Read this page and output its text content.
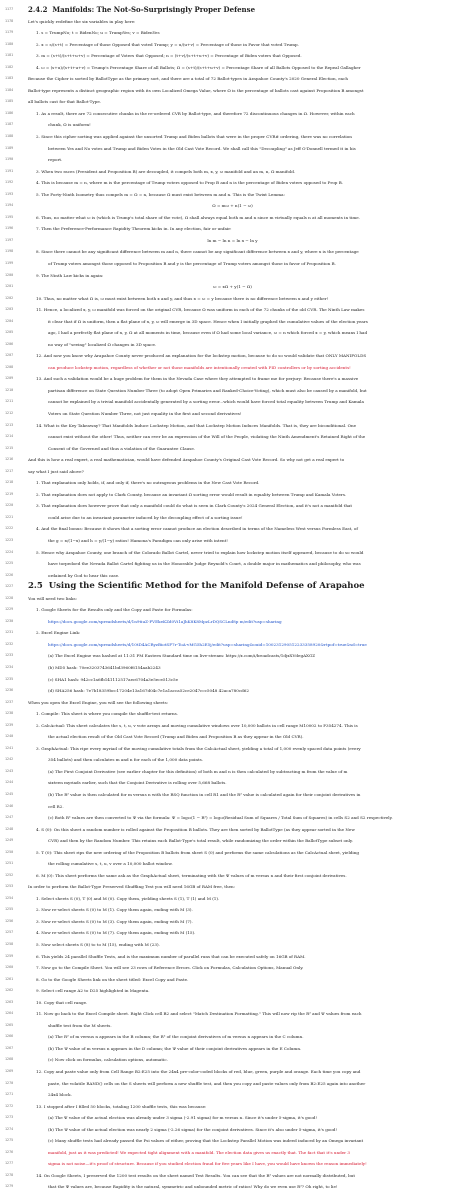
1177	2.4.2 Manifolds: The Not-So-Surprisingly Proper Defense
1178	Let's quickly redefine the six variables in play here:
1179	1. s = TrumpNo; t = BidenNo; u = TrumpYes; v = BidenYes
1180	2. x = s/(s+t) = Percentage of those Opposed that voted Trump; y = u/(u+v) = Percentage of those in Favor that voted Trump.
1181	3. m = (s+t)/(s+t+u+v) = Percentage of Voters that Opposed; n = (t+v)/(s+t+u+v) = Percentage of Biden voters that Opposed.
1182	4. ω = (s+u)/(s+t+u+v) = Trump's Percentage Share of all Ballots; Ω = (s+t)/(s+t+u+v) = Percentage Share of all Ballots Opposed to the Repeal Gallagher
1183	Because the Cipher is sorted by BallotType as the primary sort, and there are a total of 72 Ballot-types in Arapahoe County's 2020 General Election, each
1184	Ballot-type represents a distinct geographic region with its own Localized Omega Value, where Ω is the percentage of ballots cast against Proposition B amongst
1185	all ballots cast for that Ballot-Type.
1186	1. As a result, there are 72 consecutive chunks in the re-ordered CVR by Ballot-type, and therefore 72 discontinuous changes in Ω. However, within each
1187	chunk, Ω is uniform!
1188	2. Since this cipher sorting was applied against the unsorted Trump and Biden ballots that were in the proper CVR# ordering, there was no correlation
1189	between Yes and No votes and Trump and Biden Votes in the Old Cast Vote Record. We shall call this "Decoupling" as Jeff O'Donnell termed it in his
1190	report.
1191	3. When two races (President and Proposition B) are decoupled, it compels both m, x, y, ω manifold and an m, n, Ω manifold.
1192	4. This is because m = n, where m is the percentage of Trump voters opposed to Prop B and n is the percentage of Biden voters opposed to Prop B.
1193	5. The Forty-Ninth Isometry thus compels m = Ω = n, because Ω must exist between m and n. This is the Twixt Lemma:
1194	Ω = mω + n(1 − ω)
1195	6. Thus, no matter what ω is (which is Trump's total share of the vote), Ω shall always equal both m and n since m virtually equals n at all moments in time.
1196	7. Then the Preference-Performance Rapidity Theorem kicks in. In any election, fair or unfair:
1197	ln m − ln n = ln x − ln y
1198	8. Since there cannot be any significant difference between m and n, there cannot be any significant difference between x and y, where x is the percentage
1199	of Trump voters amongst those opposed to Proposition B and y is the percentage of Trump voters amongst those in favor of Proposition B.
1200	9. The Ninth Law kicks in again:
1201	ω = xΩ + y(1 − Ω)
1202	10. Thus, no matter what Ω is, ω must exist between both x and y, and thus x = ω = y because there is no difference between x and y either!
1203	11. Hence, a localized x, y, ω manifold was forced on the original CVR, because Ω was uniform in each of the 72 chunks of the old CVR. The Ninth Law makes
1204	it clear that if Ω is uniform, then a flat plane of x, y, ω will emerge in 3D space. Hence when I initially graphed the cumulative values of the election years
1205	ago, I had a perfectly flat plane of x, y, Ω at all moments in time, because even if Ω had some local variance, ω = n which forced x = y, which means I had
1206	no way of "seeing" localized Ω changes in 3D space.
1207	12. And now you know why Arapahoe County never produced an explanation for the lockstep motion, because to do so would validate that ONLY MANIFOLDS
1208	can produce lockstep motion, regardless of whether or not those manifolds are intentionally created with PID controllers or by sorting accidents!
1209	13. And such a validation would be a huge problem for them in the Nevada Case where they attempted to frame me for perjury: Because there's a massive
1210	partisan difference on State Question Number Three (to adopt Open Primaries and Ranked-Choice-Voting), which must also be caused by a manifold, but
1211	cannot be explained by a trivial manifold accidentally generated by a sorting error...which would have forced total equality between Trump and Kamala
1212	Voters on State Question Number Three, not just equality in the first and second derivatives!
1213	14. What is the Key Takeaway? That Manifolds Induce Lockstep Motion, and that Lockstep Motion Induces Manifolds. That is, they are biconditional. One
1214	cannot exist without the other! Thus, neither can ever be an expression of the Will of the People, violating the Ninth Amendment's Retained Right of the
1215	Consent of the Governed and thus a violation of the Guarantee Clause.
1216	And this is how a real expert, a real mathematician, would have defended Arapahoe County's Original Cast Vote Record. So why not get a real expert to
1217	say what I just said above?
1218	1. That explanation only holds, if, and only if, there's no outrageous problems in the New Cast Vote Record.
1219	2. That explanation does not apply to Clark County, because an invariant Ω sorting error would result in equality between Trump and Kamala Voters.
1220	3. That explanation does however prove that only a manifold could do what is seen in Clark County's 2024 General Election, and it's not a manifold that
1221	could arise due to an invariant parameter induced by the decoupling effect of a sorting issue!
1222	4. And the final bonus: Because it shows that a sorting error cannot produce an election described in terms of the Nameless West versus Formless East, of
1223	the g = x/(1−x) and h = y/(1−y) ratios! Hamona's Paradigm can only arise with intent!
1224	5. Hence why Arapahoe County, one branch of the Colorado Ballot Cartel, never tried to explain how lockstep motion itself appeared, because to do so would
1225	have torpedoed the Nevada Ballot Cartel fighting us in the Honorable Judge Reynold's Court, a double major in mathematics and philosophy, who was
1226	ordained by God to hear this case.
1227	2.5 Using the Scientific Method for the Manifold Defense of Arapahoe
1228	You will need two links:
1229	1. Google Sheets for the Results only and the Copy and Paste for Formulas:
1230	https://docs.google.com/spreadsheets/d/1n9tiuZ-FVEkeKZd0Vi1aJhK8K8MpzLrDQSCLnd8p m/edit?usp=sharing
1231	2. Excel Engine Link:
1232	https://docs.google.com/spreadsheets/d/10tD4ACRyzBiotSF7r-ToA-vMG5h2E5j/edit?usp=sharing&ouid=100231290512233358920&rtpof=true&sd=true
1233	(a) The Excel Engine was hashed at 11:31 PM Eastern Standard time on live-stream: https://x.com/i/broadcasts/1djxXVdegAXGZ
1234	(b) MD5 hash: 70ee3203743641bd3960f6154aab2243
1235	(c) SHA1 hash: 942cc1a6fb141112517aec6704a3e5ece513c5e
1236	(d) SHA256 hash: 7e7b18359bcc17204e13a167d04c7e1a1acca52ce2047ccc5048 42aca780cd62
1237	When you open the Excel Engine, you will see the following sheets:
1238	1. Compile: This sheet is where you compile the shuffle-test returns.
1239	2. CalcActual: This sheet calculates the s, t, u, v vote arrays and moving cumulative windows over 10,000 ballots in cell range M10002 to P354274. This is
1240	the actual election result of the Old Cast Vote Record (Trump and Biden and Proposition B as they appear in the Old CVR).
1241	3. GraphActual: This ripe every myriad of the moving cumulative totals from the CalcActual sheet, yielding a total of 1,000 evenly spaced data points (every
1242	354 ballots) and then calculates m and n for each of the 1,000 data points.
1243	(a) The First Conjoint Derivative (see earlier chapter for this definition) of both m and n is then calculated by subtracting m from the value of m
1244	sixteen myriads earlier, such that the Conjoint Derivative is rolling over 5,668 ballots.
1245	(b) The R² value is then calculated for m versus n with the RSQ function in cell R1 and the R² value is calculated again for their conjoint derivatives in
1246	cell R2.
1247	(c) Both R² values are then converted to Ψ via the formula: Ψ = log₁₀(1 − R²) = log₁₀(Residual Sum of Squares / Total Sum of Squares) in cells S2 and S2 respectively.
1248	4. S (0): On this sheet a random number is rolled against the Proposition B ballots. They are then sorted by BallotType (as they appear sorted in the New
1249	CVR) and then by the Random Number. This retains each Ballot-Type's total result, while randomizing the order within the BallotType subset only.
1250	5. T (0): This sheet rips the new ordering of the Proposition B ballots from sheet S (0) and performs the same calculations as the CalcActual sheet, yielding
1251	the rolling cumulative s, t, u, v over a 10,000 ballot window.
1252	6. M (0): This sheet performs the same ask as the GraphActual sheet, terminating with the Ψ values of m versus n and their first conjoint derivatives.
1253	In order to perform the Ballot-Type Preserved Shuffling Test you will need 16GB of RAM free, then:
1254	1. Select sheets S (0), T (0) and M (0). Copy them, yielding sheets S (1), T (1) and M (1).
1255	2. Now re-select sheets S (0) to M (1). Copy them again, ending with M (3).
1256	3. Now re-select sheets S (0) to M (3). Copy them again, ending with M (7).
1257	4. Now re-select sheets S (0) to M (7). Copy them again, ending with M (15).
1258	5. Now select sheets S (8) to to M (15), ending with M (23).
1259	6. This yields 24 parallel Shuffle Tests, and is the maximum number of parallel runs that can be executed safely on 16GB of RAM.
1260	7. Now go to the Compile Sheet. You will see 23 rows of Reference Errors. Click on Formulas, Calculation Options, Manual Only.
1261	8. Go to the Google Sheets link on the sheet titled: Excel Copy and Paste.
1262	9. Select cell range A2 to D25 highlighted in Magenta.
1263	10. Copy that cell range.
1264	11. Now go back to the Excel Compile sheet. Right Click cell B2 and select "Match Destination Formatting." This will now rip the R² and Ψ values from each
1265	shuffle test from the M sheets.
1266	(a) The R² of m versus n appears in the B column; the R² of the conjoint derivatives of m versus n appears in the C column.
1267	(b) The Ψ value of m versus n appears in the D column; the Ψ value of their conjoint derivatives appears in the E Column.
1268	(c) Now click on formulas, calculation options, automatic.
1269	12. Copy and paste value only from Cell Range B2:E25 into the 24x4 pre-color-coded blocks of red, blue, green, purple and orange. Each time you copy and
1270	paste, the volatile RAND() cells on the S sheets will perform a new shuffle test, and then you copy and paste values only from B2:E25 again into another
1271	24x4 block.
1272	13. I stopped after I filled 50 blocks, totaling 1200 shuffle tests, this was because:
1273	(a) The Ψ value of the actual election was already under 3 sigma (-2.91 sigma) for m versus n. Since it's under 5-sigma, it's good!
1274	(b) The Ψ value of the actual election was nearly 2 sigma (-2.26 sigma) for the conjoint derivatives. Since it's also under 5-sigma, it's good!
1275	(c) Many shuffle tests had already passed the Psi values of either, proving that the Lockstep Parallel Motion was indeed induced by an Omega invariant
1276	manifold, just as it was predicted! We expected tight alignment with a manifold. The election data gives us exactly that. The fact that it's under 3
1277	sigma is not noise—it's proof of structure. Because if you studied election fraud for five years like I have, you would have known the reason immediately!
1278	14. On Google Sheets, I preserved the 1200 test results on the sheet named Test Results. You can see that the R² values are not normally distributed, but
1279	that the Ψ values are, because Rapidity is the natural, symmetric and unbounded metric of ratios! Why do we even use R²? Oh right, to lie!
